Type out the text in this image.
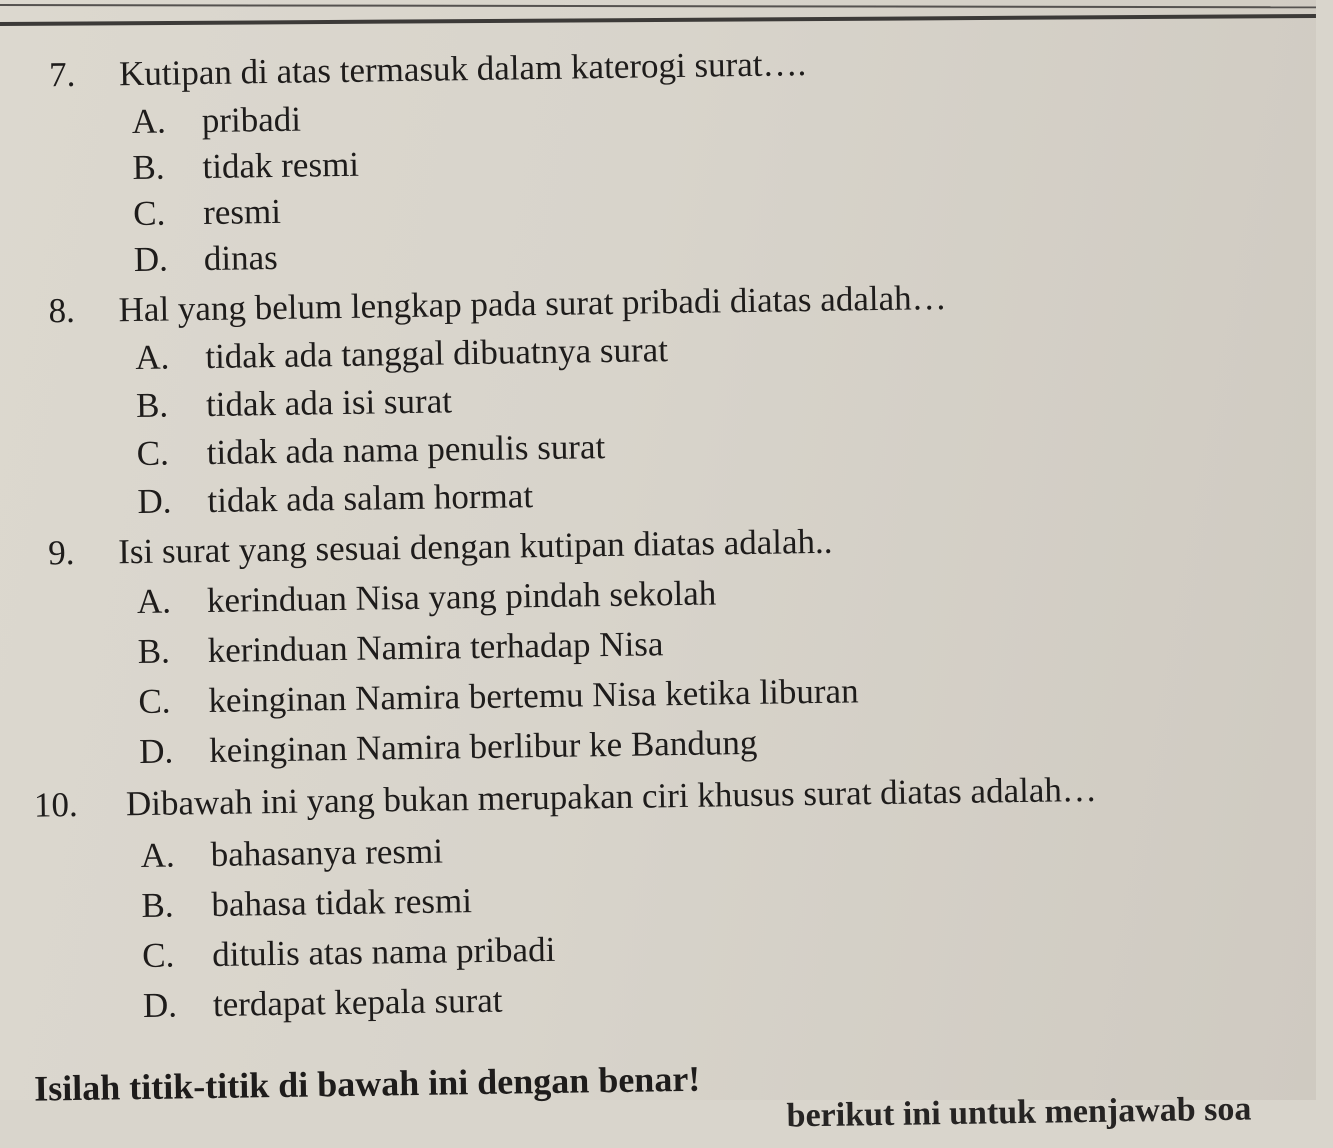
7. Kutipan di atas termasuk dalam katerogi surat….
A. pribadi
B. tidak resmi
C. resmi
D. dinas
8. Hal yang belum lengkap pada surat pribadi diatas adalah…
A. tidak ada tanggal dibuatnya surat
B. tidak ada isi surat
C. tidak ada nama penulis surat
D. tidak ada salam hormat
9. Isi surat yang sesuai dengan kutipan diatas adalah..
A. kerinduan Nisa yang pindah sekolah
B. kerinduan Namira terhadap Nisa
C. keinginan Namira bertemu Nisa ketika liburan
D. keinginan Namira berlibur ke Bandung
10. Dibawah ini yang bukan merupakan ciri khusus surat diatas adalah…
A. bahasanya resmi
B. bahasa tidak resmi
C. ditulis atas nama pribadi
D. terdapat kepala surat
Isilah titik-titik di bawah ini dengan benar!
berikut ini untuk menjawab soa
